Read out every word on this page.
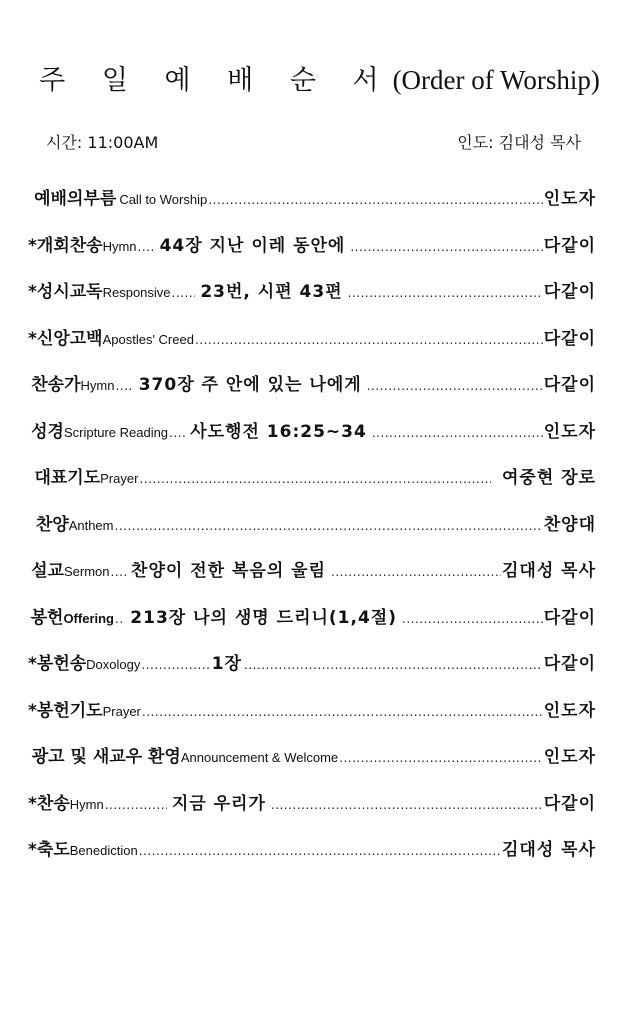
주 일 예 배 순 서(Order of Worship)
시간: 11:00AM	인도: 김대성 목사
예배의부름 Call to Worship .....	인도자
* 개회찬송 Hymn ..... 44장 지난 이레 동안에 .....	다같이
* 성시교독 Responsive ..... 23번, 시편 43편 .....	다같이
* 신앙고백 Apostles' Creed .....	다같이
찬송가 Hymn ..... 370장 주 안에 있는 나에게 .....	다같이
성경 Scripture Reading ..... 사도행전 16:25~34 .....	인도자
대표기도 Prayer .....	여중현 장로
찬양 Anthem .....	찬양대
설교 Sermon ..... 찬양이 전한 복음의 울림 .....	김대성 목사
봉헌 Offering ..... 213장 나의 생명 드리니(1,4절) .....	다같이
* 봉헌송 Doxology .....	1장 .....	다같이
* 봉헌기도 Prayer .....	인도자
광고 및 새교우 환영 Announcement & Welcome .....	인도자
* 찬송 Hymn .....	지금 우리가 .....	다같이
* 축도 Benediction .....	김대성 목사
